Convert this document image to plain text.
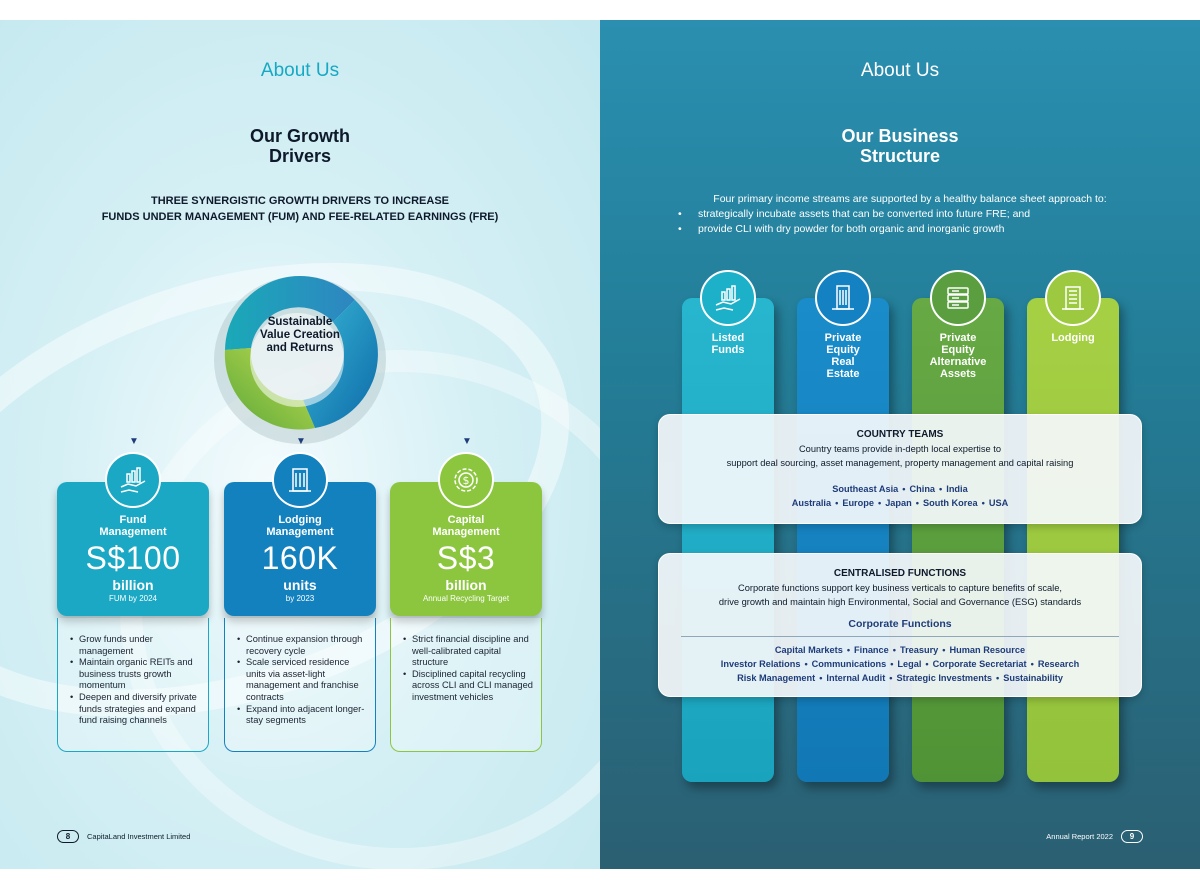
About Us
Our Growth
Drivers
THREE SYNERGISTIC GROWTH DRIVERS TO INCREASE
FUNDS UNDER MANAGEMENT (FUM) AND FEE-RELATED EARNINGS (FRE)
Sustainable
Value Creation
and Returns
▼	▼	▼
Fund
Management
S$100
billion
FUM by 2024
• Grow funds under management
• Maintain organic REITs and business trusts growth momentum
• Deepen and diversify private funds strategies and expand fund raising channels
Lodging
Management
160K
units
by 2023
• Continue expansion through recovery cycle
• Scale serviced residence units via asset-light management and franchise contracts
• Expand into adjacent longer-stay segments
Capital
Management
S$3
billion
Annual Recycling Target
$
• Strict financial discipline and well-calibrated capital structure
• Disciplined capital recycling across CLI and CLI managed investment vehicles
8	CapitaLand Investment Limited
About Us
Our Business
Structure
Four primary income streams are supported by a healthy balance sheet approach to:
• strategically incubate assets that can be converted into future FRE; and
• provide CLI with dry powder for both organic and inorganic growth
Listed
Funds
Private
Equity
Real
Estate
Private
Equity
Alternative
Assets
Lodging
COUNTRY TEAMS
Country teams provide in-depth local expertise to
support deal sourcing, asset management, property management and capital raising
Southeast Asia • China • India
Australia • Europe • Japan • South Korea • USA
CENTRALISED FUNCTIONS
Corporate functions support key business verticals to capture benefits of scale,
drive growth and maintain high Environmental, Social and Governance (ESG) standards
Corporate Functions
Capital Markets • Finance • Treasury • Human Resource
Investor Relations • Communications • Legal • Corporate Secretariat • Research
Risk Management • Internal Audit • Strategic Investments • Sustainability
Annual Report 2022	9
